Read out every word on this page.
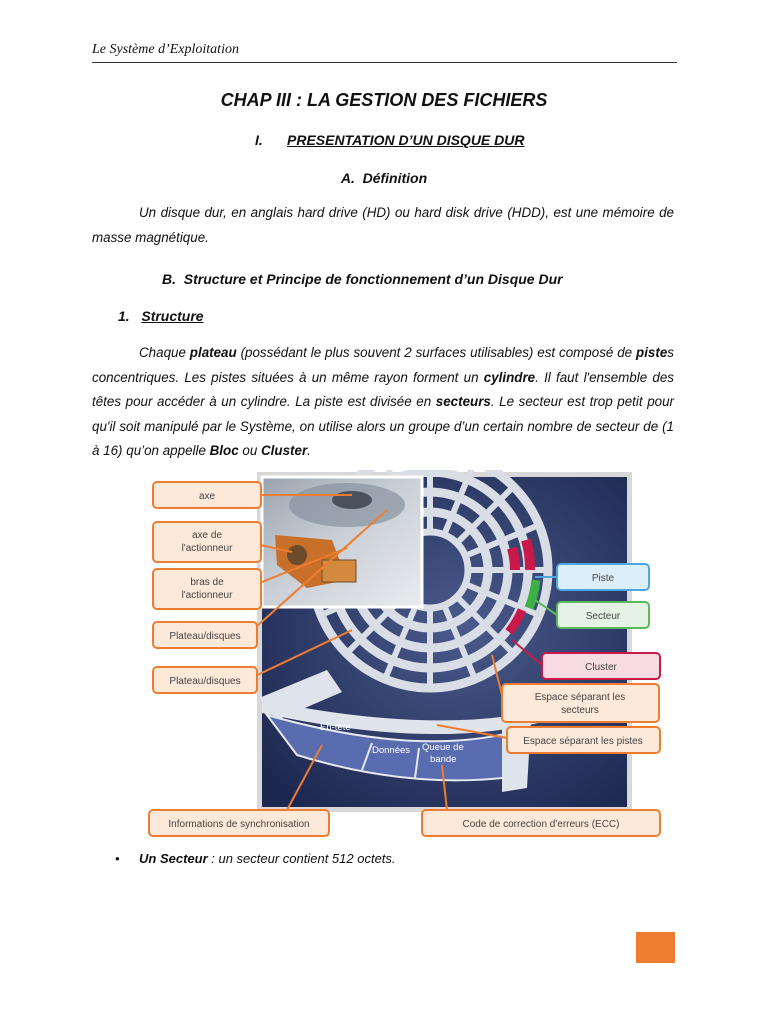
Le Système d’Exploitation
CHAP III : LA GESTION DES FICHIERS
I. PRESENTATION D’UN DISQUE DUR
A. Définition
Un disque dur, en anglais hard drive (HD) ou hard disk drive (HDD), est une mémoire de masse magnétique.
B. Structure et Principe de fonctionnement d’un Disque Dur
1. Structure
Chaque plateau (possédant le plus souvent 2 surfaces utilisables) est composé de pistes concentriques. Les pistes situées à un même rayon forment un cylindre. Il faut l'ensemble des têtes pour accéder à un cylindre. La piste est divisée en secteurs. Le secteur est trop petit pour qu'il soit manipulé par le Système, on utilise alors un groupe d’un certain nombre de secteur de (1 à 16) qu’on appelle Bloc ou Cluster.
En-tête
Données Queue de
bande
axe
axe de
l'actionneur
bras de
l'actionneur
Plateau/disques
Plateau/disques
Piste
Secteur
Cluster
Espace séparant les
secteurs
Espace séparant les pistes
Informations de synchronisation	Code de correction d'erreurs (ECC)
• Un Secteur : un secteur contient 512 octets.
